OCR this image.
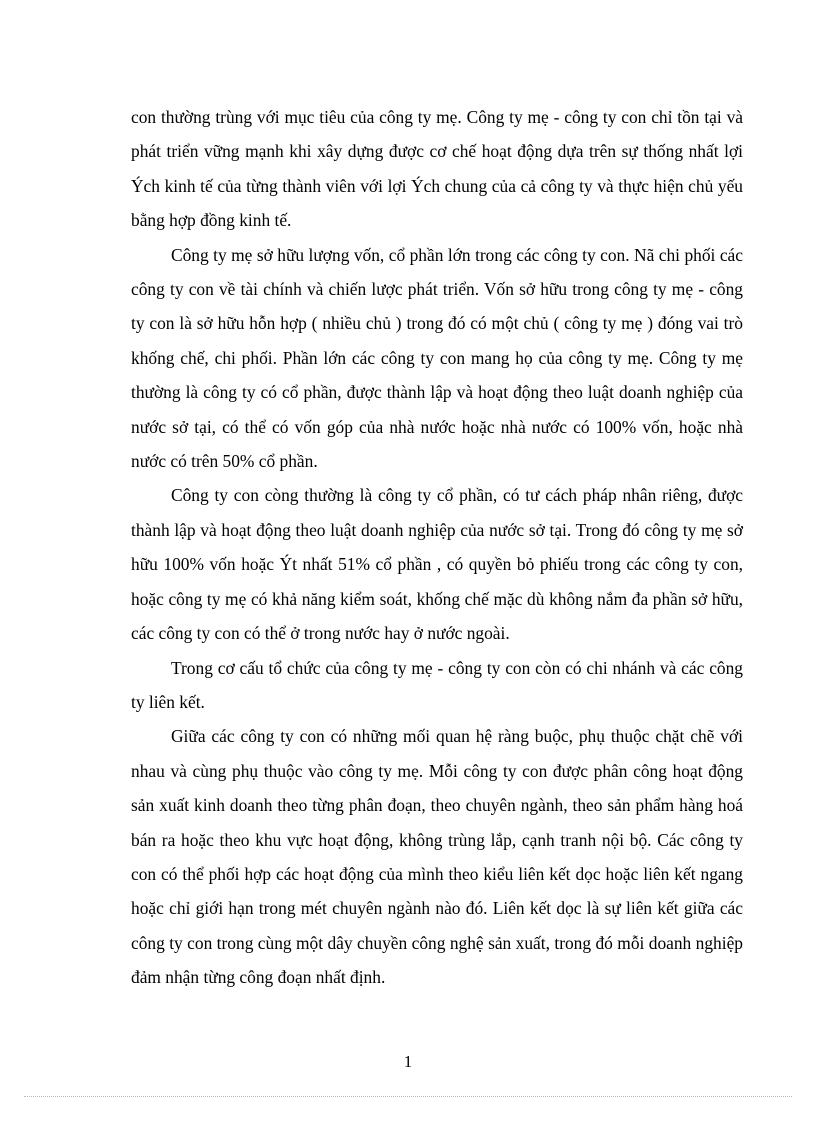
con thường trùng với mục tiêu của công ty mẹ. Công ty mẹ - công ty con chỉ tồn tại và phát triển vững mạnh khi xây dựng được cơ chế hoạt động dựa trên sự thống nhất lợi Ých kinh tế của từng thành viên với lợi Ých chung của cả công ty và thực hiện chủ yếu bằng hợp đồng kinh tế.

Công ty mẹ sở hữu lượng vốn, cổ phần lớn trong các công ty con. Nã chi phối các công ty con về tài chính và chiến lược phát triển. Vốn sở hữu trong công ty mẹ - công ty con là sở hữu hỗn hợp ( nhiều chủ ) trong đó có một chủ ( công ty mẹ ) đóng vai trò khống chế, chi phối. Phần lớn các công ty con mang họ của công ty mẹ. Công ty mẹ thường là công ty có cổ phần, được thành lập và hoạt động theo luật doanh nghiệp của nước sở tại, có thể có vốn góp của nhà nước hoặc nhà nước có 100% vốn, hoặc nhà nước có trên 50% cổ phần.

Công ty con còng thường là công ty cổ phần, có tư cách pháp nhân riêng, được thành lập và hoạt động theo luật doanh nghiệp của nước sở tại. Trong đó công ty mẹ sở hữu 100% vốn hoặc Ýt nhất 51% cổ phần , có quyền bỏ phiếu trong các công ty con, hoặc công ty mẹ có khả năng kiểm soát, khống chế mặc dù không nắm đa phần sở hữu, các công ty con có thể ở trong nước hay ở nước ngoài.

Trong cơ cấu tổ chức của công ty mẹ - công ty con còn có chi nhánh và các công ty liên kết.

Giữa các công ty con có những mối quan hệ ràng buộc, phụ thuộc chặt chẽ với nhau và cùng phụ thuộc vào công ty mẹ. Mỗi công ty con được phân công hoạt động sản xuất kinh doanh theo từng phân đoạn, theo chuyên ngành, theo sản phẩm hàng hoá bán ra hoặc theo khu vực hoạt động, không trùng lắp, cạnh tranh nội bộ. Các công ty con có thể phối hợp các hoạt động của mình theo kiểu liên kết dọc hoặc liên kết ngang hoặc chỉ giới hạn trong mét chuyên ngành nào đó. Liên kết dọc là sự liên kết giữa các công ty con trong cùng một dây chuyền công nghệ sản xuất, trong đó mỗi doanh nghiệp đảm nhận từng công đoạn nhất định.

1
